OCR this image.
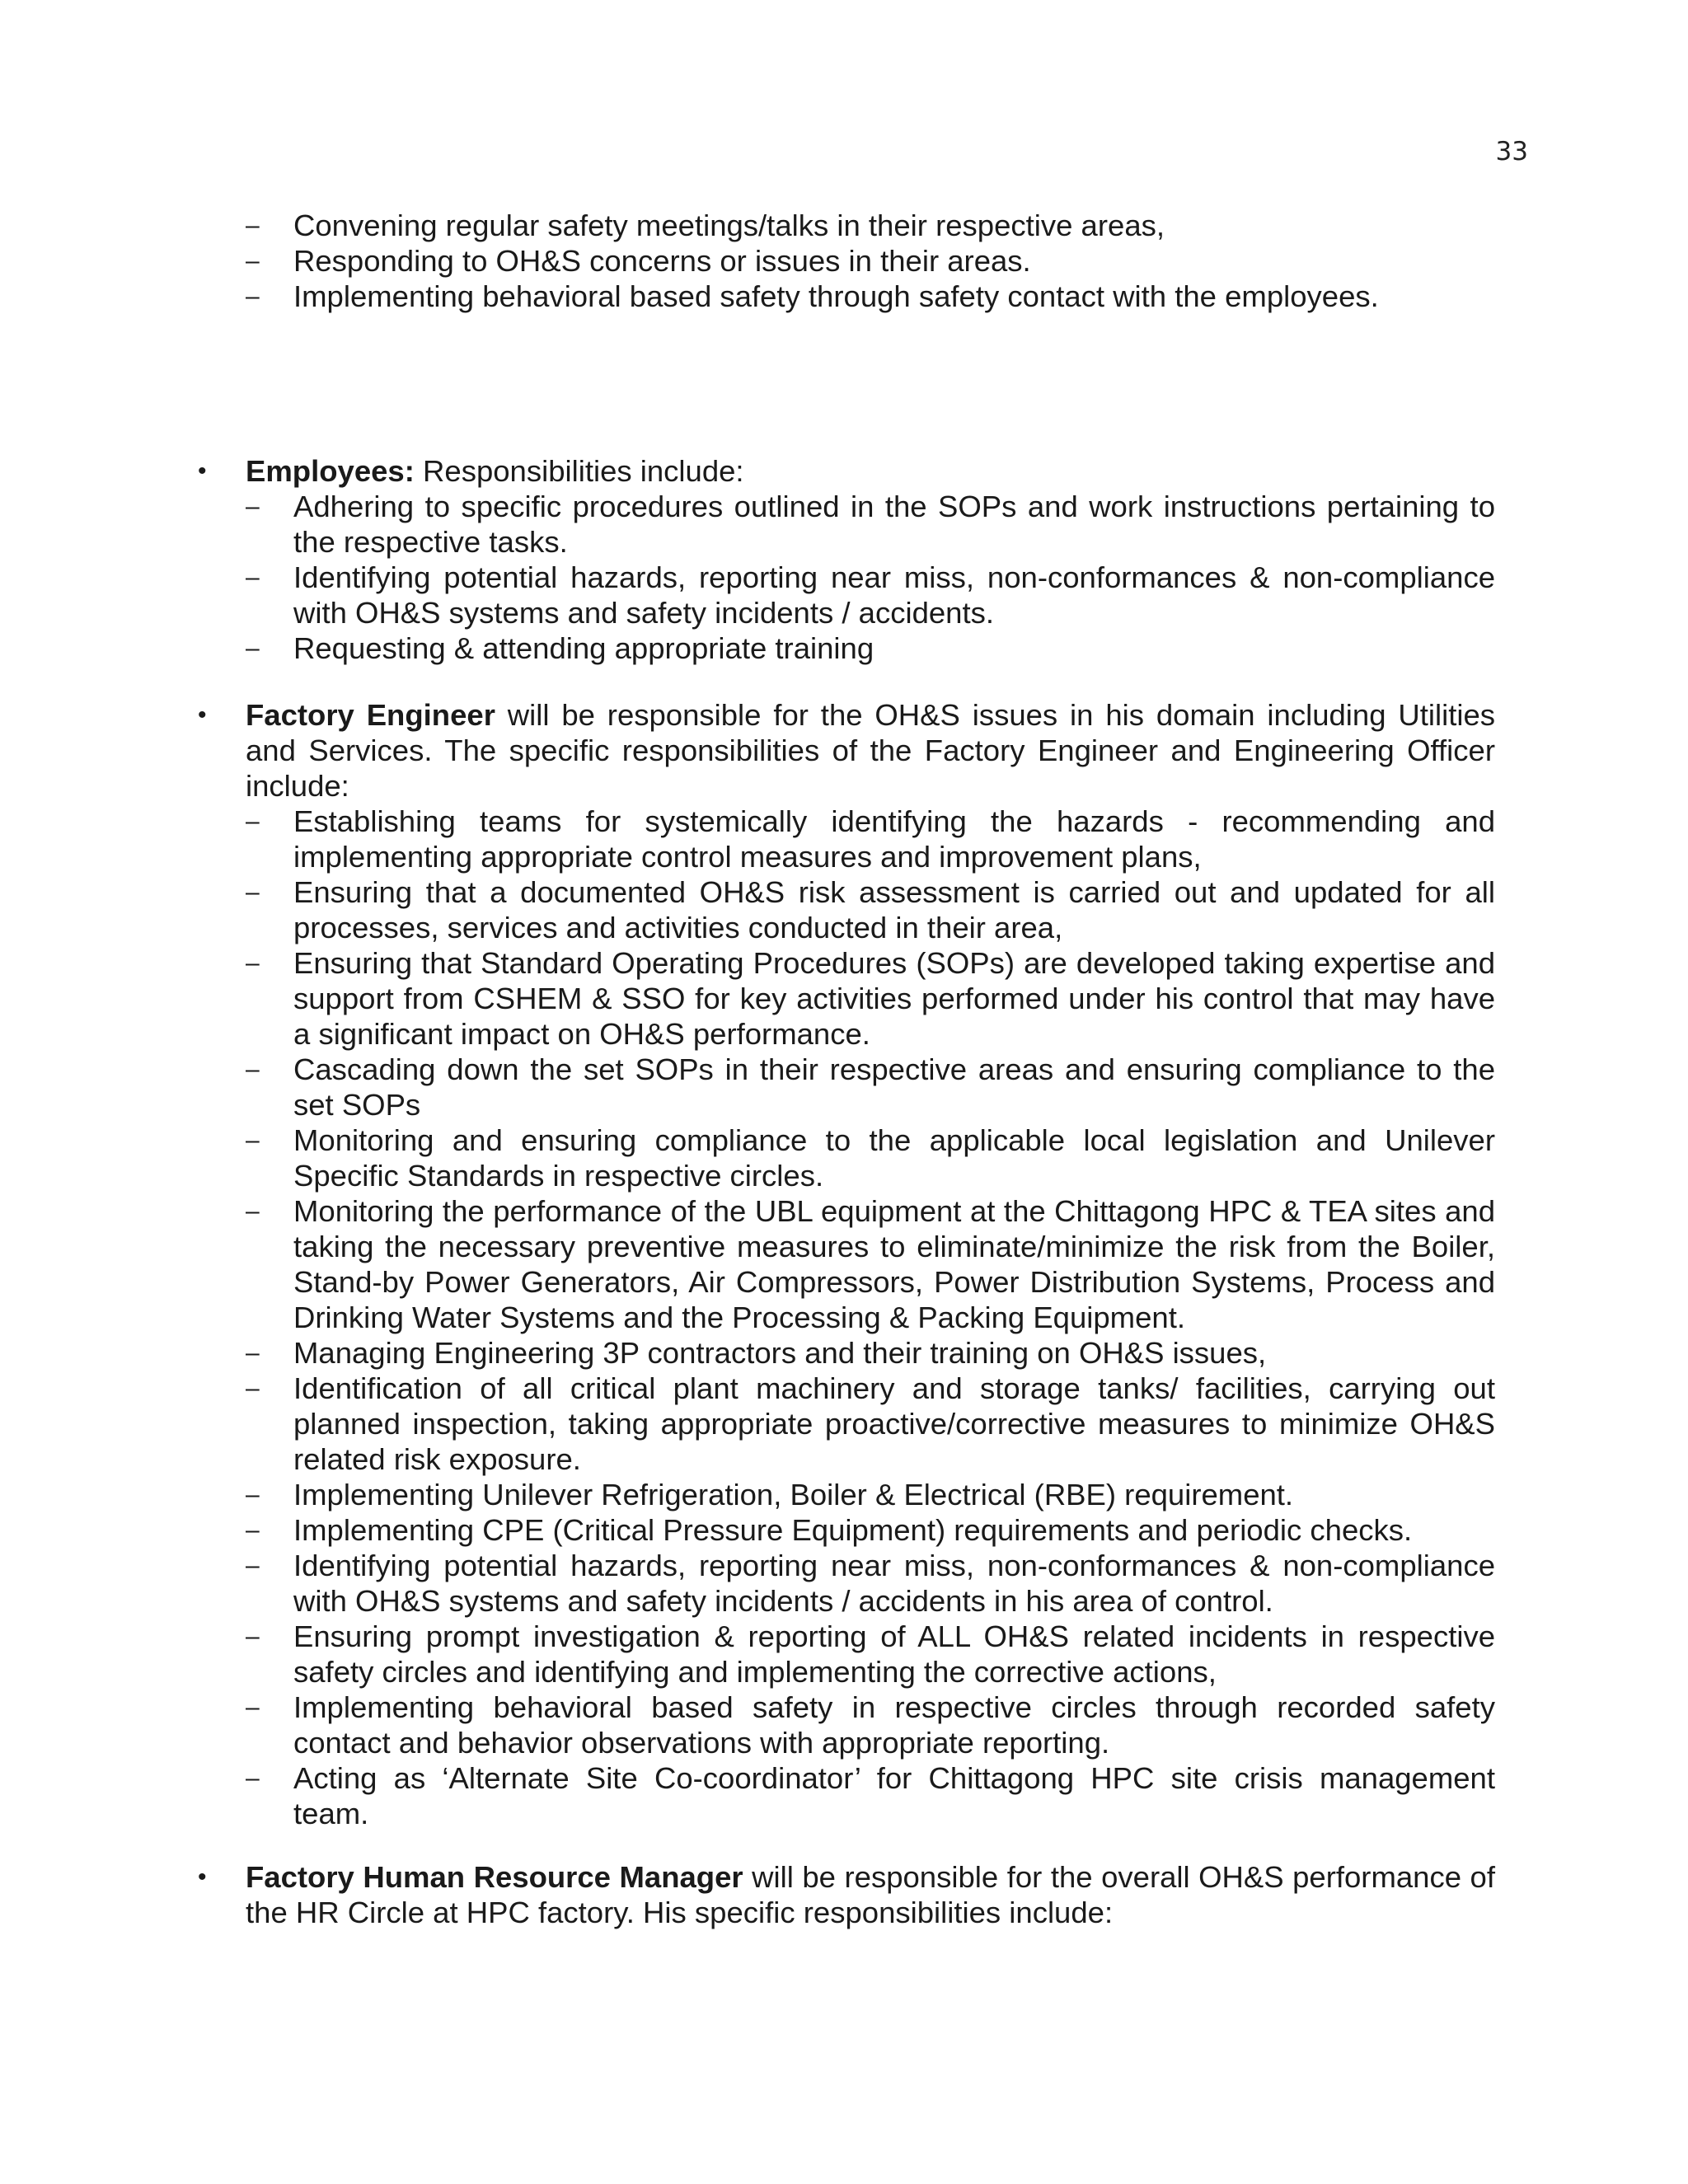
33
– Convening regular safety meetings/talks in their respective areas,
– Responding to OH&S concerns or issues in their areas.
– Implementing behavioral based safety through safety contact with the employees.
• Employees: Responsibilities include:
– Adhering to specific procedures outlined in the SOPs and work instructions pertaining to the respective tasks.
– Identifying potential hazards, reporting near miss, non-conformances & non-compliance with OH&S systems and safety incidents / accidents.
– Requesting & attending appropriate training
• Factory Engineer will be responsible for the OH&S issues in his domain including Utilities and Services. The specific responsibilities of the Factory Engineer and Engineering Officer include:
– Establishing teams for systemically identifying the hazards - recommending and implementing appropriate control measures and improvement plans,
– Ensuring that a documented OH&S risk assessment is carried out and updated for all processes, services and activities conducted in their area,
– Ensuring that Standard Operating Procedures (SOPs) are developed taking expertise and support from CSHEM & SSO for key activities performed under his control that may have a significant impact on OH&S performance.
– Cascading down the set SOPs in their respective areas and ensuring compliance to the set SOPs
– Monitoring and ensuring compliance to the applicable local legislation and Unilever Specific Standards in respective circles.
– Monitoring the performance of the UBL equipment at the Chittagong HPC & TEA sites and taking the necessary preventive measures to eliminate/minimize the risk from the Boiler, Stand-by Power Generators, Air Compressors, Power Distribution Systems, Process and Drinking Water Systems and the Processing & Packing Equipment.
– Managing Engineering 3P contractors and their training on OH&S issues,
– Identification of all critical plant machinery and storage tanks/ facilities, carrying out planned inspection, taking appropriate proactive/corrective measures to minimize OH&S related risk exposure.
– Implementing Unilever Refrigeration, Boiler & Electrical (RBE) requirement.
– Implementing CPE (Critical Pressure Equipment) requirements and periodic checks.
– Identifying potential hazards, reporting near miss, non-conformances & non-compliance with OH&S systems and safety incidents / accidents in his area of control.
– Ensuring prompt investigation & reporting of ALL OH&S related incidents in respective safety circles and identifying and implementing the corrective actions,
– Implementing behavioral based safety in respective circles through recorded safety contact and behavior observations with appropriate reporting.
– Acting as ‘Alternate Site Co-coordinator’ for Chittagong HPC site crisis management team.
• Factory Human Resource Manager will be responsible for the overall OH&S performance of the HR Circle at HPC factory. His specific responsibilities include:
